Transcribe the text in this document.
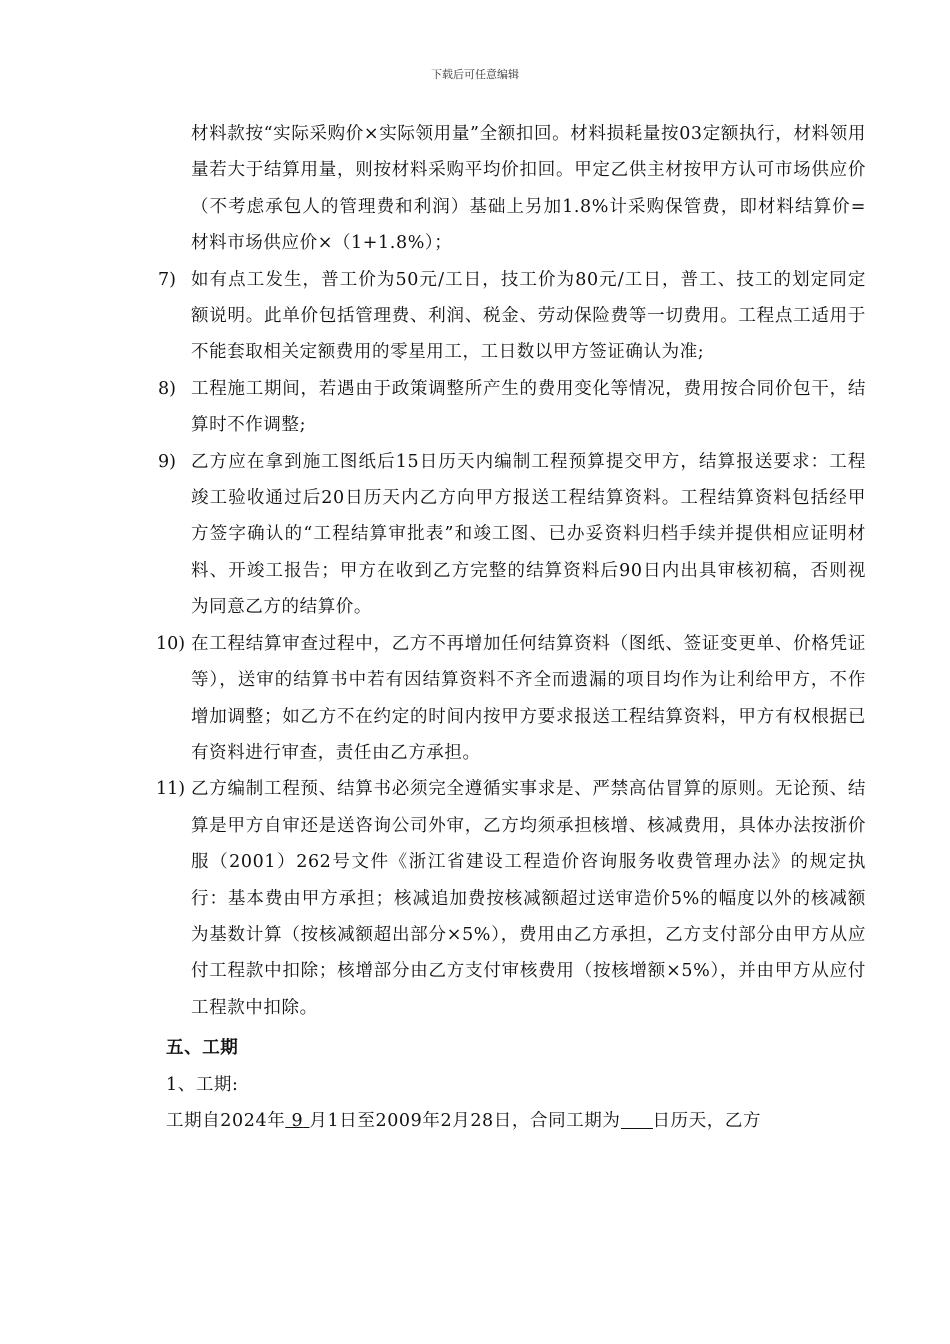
下载后可任意编辑

材料款按“实际采购价×实际领用量”全额扣回。材料损耗量按03定额执行，材料领用量若大于结算用量，则按材料采购平均价扣回。甲定乙供主材按甲方认可市场供应价（不考虑承包人的管理费和利润）基础上另加1.8%计采购保管费，即材料结算价=材料市场供应价×（1+1.8%）；

7) 如有点工发生，普工价为50元/工日，技工价为80元/工日，普工、技工的划定同定额说明。此单价包括管理费、利润、税金、劳动保险费等一切费用。工程点工适用于不能套取相关定额费用的零星用工，工日数以甲方签证确认为准;

8) 工程施工期间，若遇由于政策调整所产生的费用变化等情况，费用按合同价包干，结算时不作调整;

9) 乙方应在拿到施工图纸后15日历天内编制工程预算提交甲方，结算报送要求：工程竣工验收通过后20日历天内乙方向甲方报送工程结算资料。工程结算资料包括经甲方签字确认的“工程结算审批表”和竣工图、已办妥资料归档手续并提供相应证明材料、开竣工报告；甲方在收到乙方完整的结算资料后90日内出具审核初稿，否则视为同意乙方的结算价。

10) 在工程结算审查过程中，乙方不再增加任何结算资料（图纸、签证变更单、价格凭证等），送审的结算书中若有因结算资料不齐全而遗漏的项目均作为让利给甲方，不作增加调整；如乙方不在约定的时间内按甲方要求报送工程结算资料，甲方有权根据已有资料进行审查，责任由乙方承担。

11) 乙方编制工程预、结算书必须完全遵循实事求是、严禁高估冒算的原则。无论预、结算是甲方自审还是送咨询公司外审，乙方均须承担核增、核减费用，具体办法按浙价服（2001）262号文件《浙江省建设工程造价咨询服务收费管理办法》的规定执行：基本费由甲方承担；核减追加费按核减额超过送审造价5%的幅度以外的核减额为基数计算（按核减额超出部分×5%），费用由乙方承担，乙方支付部分由甲方从应付工程款中扣除；核增部分由乙方支付审核费用（按核增额×5%），并由甲方从应付工程款中扣除。

五、工期

1、工期:

工期自2024年 9 月1日至2009年2月28日，合同工期为 日历天，乙方
